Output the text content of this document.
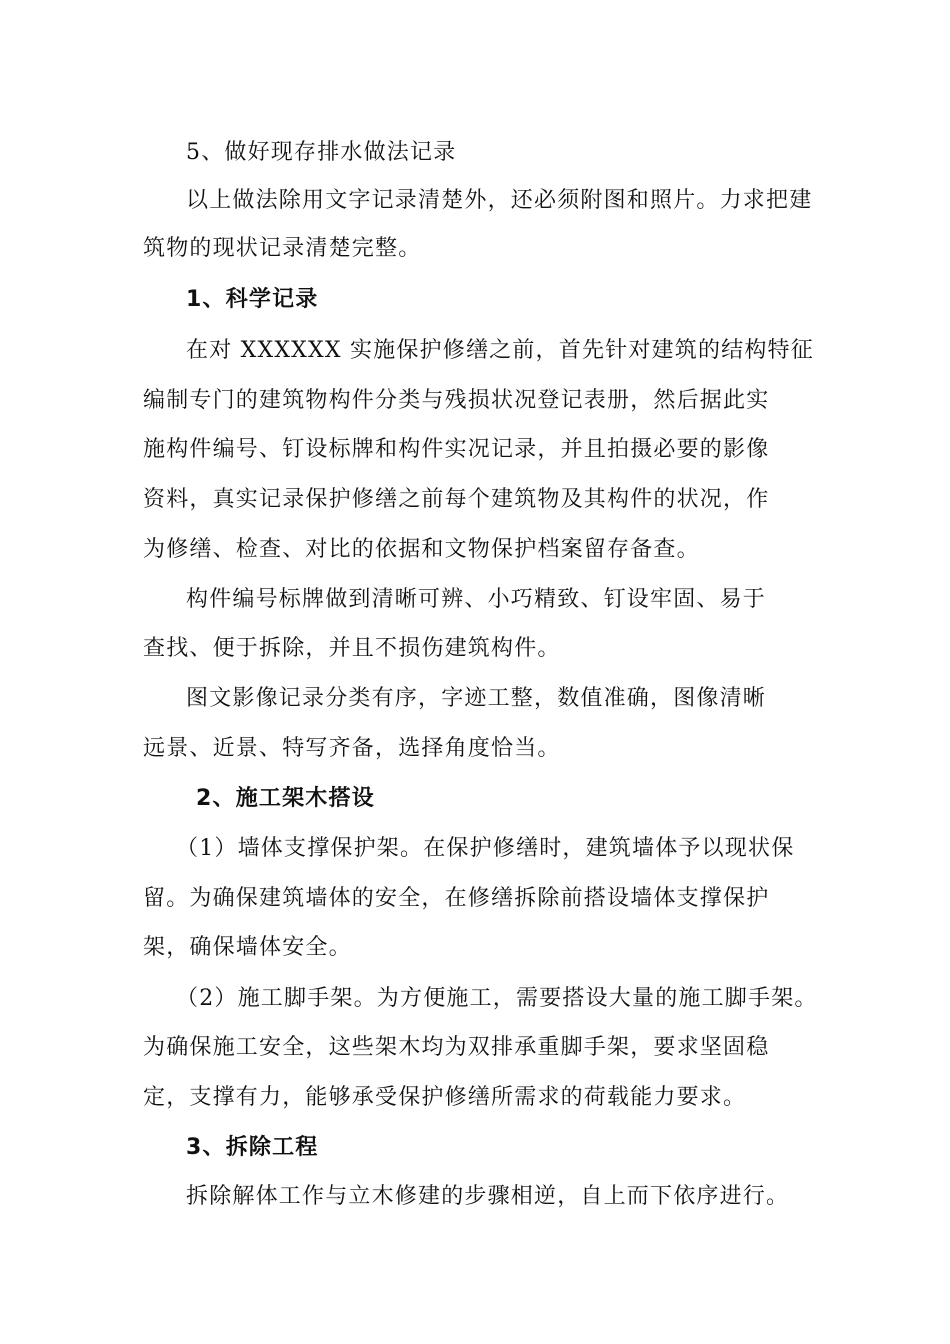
5、做好现存排水做法记录
以上做法除用文字记录清楚外，还必须附图和照片。力求把建
筑物的现状记录清楚完整。
1、科学记录
在对 XXXXXX 实施保护修缮之前，首先针对建筑的结构特征
编制专门的建筑物构件分类与残损状况登记表册，然后据此实
施构件编号、钉设标牌和构件实况记录，并且拍摄必要的影像
资料，真实记录保护修缮之前每个建筑物及其构件的状况，作
为修缮、检查、对比的依据和文物保护档案留存备查。
构件编号标牌做到清晰可辨、小巧精致、钉设牢固、易于
查找、便于拆除，并且不损伤建筑构件。
图文影像记录分类有序，字迹工整，数值准确，图像清晰
远景、近景、特写齐备，选择角度恰当。
2、施工架木搭设
（1）墙体支撑保护架。在保护修缮时，建筑墙体予以现状保
留。为确保建筑墙体的安全，在修缮拆除前搭设墙体支撑保护
架，确保墙体安全。
（2）施工脚手架。为方便施工，需要搭设大量的施工脚手架。
为确保施工安全，这些架木均为双排承重脚手架，要求坚固稳
定，支撑有力，能够承受保护修缮所需求的荷载能力要求。
3、拆除工程
拆除解体工作与立木修建的步骤相逆，自上而下依序进行。
